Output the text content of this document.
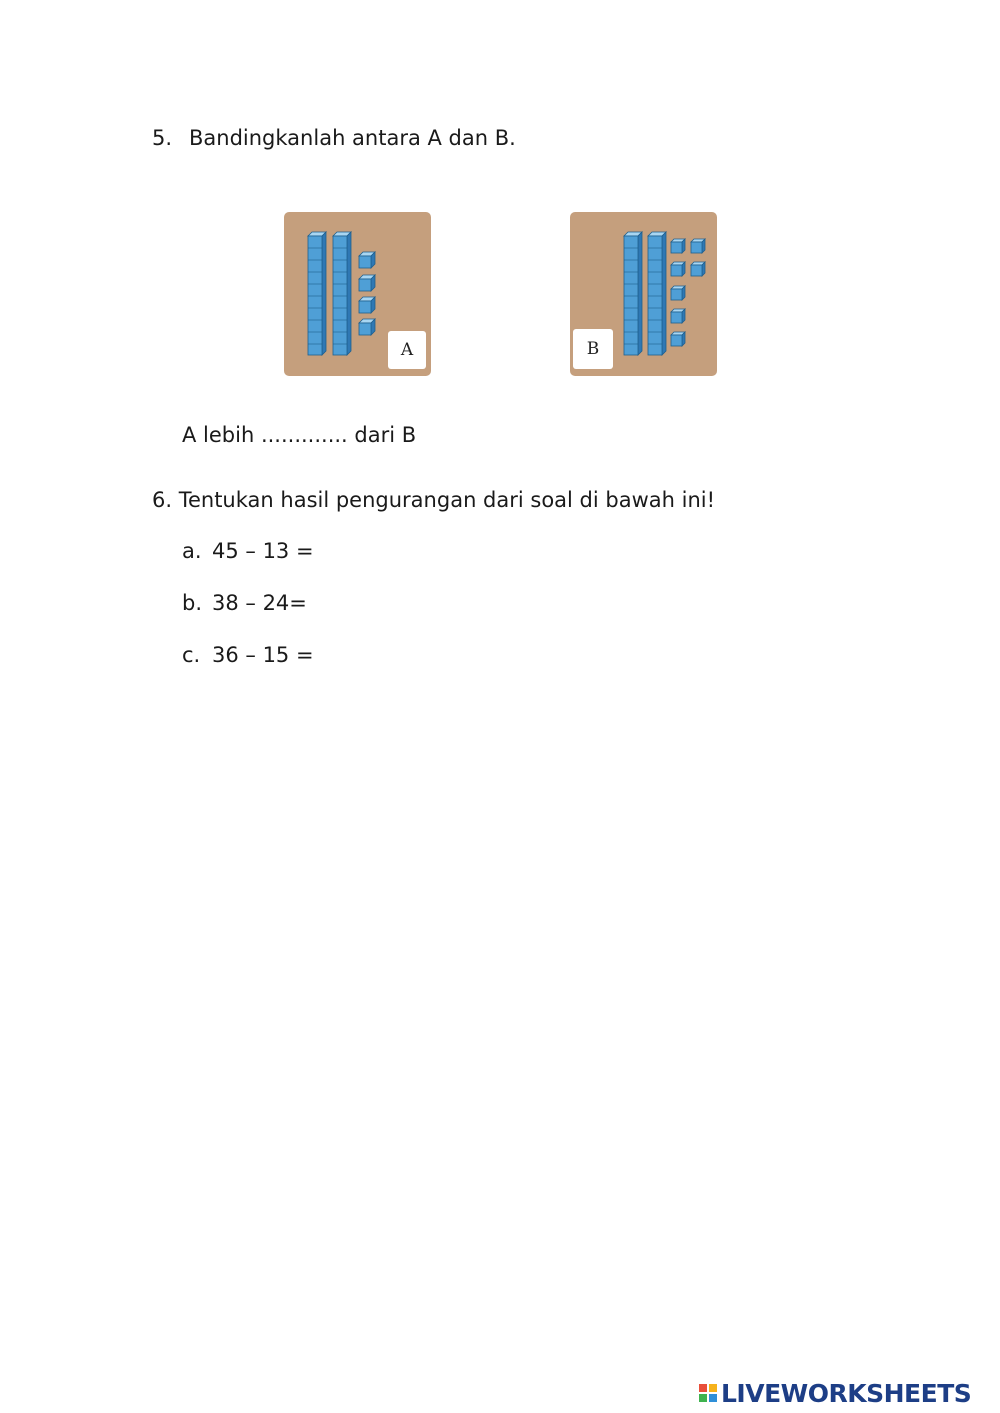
5. Bandingkanlah antara A dan B.
A	B
A lebih ............. dari B
6. Tentukan hasil pengurangan dari soal di bawah ini!
a. 45 – 13 =
b. 38 – 24=
c. 36 – 15 =
LIVEWORKSHEETS
